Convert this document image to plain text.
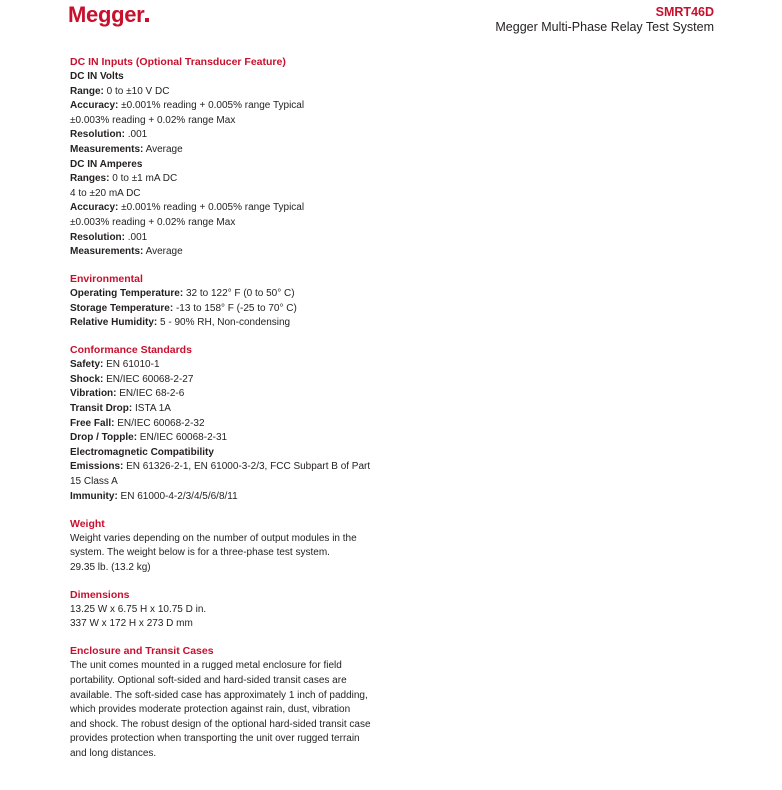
Megger	SMRT46D
Megger Multi-Phase Relay Test System
DC IN Inputs (Optional Transducer Feature)
DC IN Volts
Range: 0 to ±10 V DC
Accuracy: ±0.001% reading + 0.005% range Typical
±0.003% reading + 0.02% range Max
Resolution: .001
Measurements: Average
DC IN Amperes
Ranges: 0 to ±1 mA DC
4 to ±20 mA DC
Accuracy: ±0.001% reading + 0.005% range Typical
±0.003% reading + 0.02% range Max
Resolution: .001
Measurements: Average
Environmental
Operating Temperature: 32 to 122° F (0 to 50° C)
Storage Temperature: -13 to 158° F (-25 to 70° C)
Relative Humidity: 5 - 90% RH, Non-condensing
Conformance Standards
Safety: EN 61010-1
Shock: EN/IEC 60068-2-27
Vibration: EN/IEC 68-2-6
Transit Drop: ISTA 1A
Free Fall: EN/IEC 60068-2-32
Drop / Topple: EN/IEC 60068-2-31
Electromagnetic Compatibility
Emissions: EN 61326-2-1, EN 61000-3-2/3, FCC Subpart B of Part
15 Class A
Immunity: EN 61000-4-2/3/4/5/6/8/11
Weight
Weight varies depending on the number of output modules in the
system. The weight below is for a three-phase test system.
29.35 lb. (13.2 kg)
Dimensions
13.25 W x 6.75 H x 10.75 D in.
337 W x 172 H x 273 D mm
Enclosure and Transit Cases
The unit comes mounted in a rugged metal enclosure for field
portability. Optional soft-sided and hard-sided transit cases are
available. The soft-sided case has approximately 1 inch of padding,
which provides moderate protection against rain, dust, vibration
and shock. The robust design of the optional hard-sided transit case
provides protection when transporting the unit over rugged terrain
and long distances.
